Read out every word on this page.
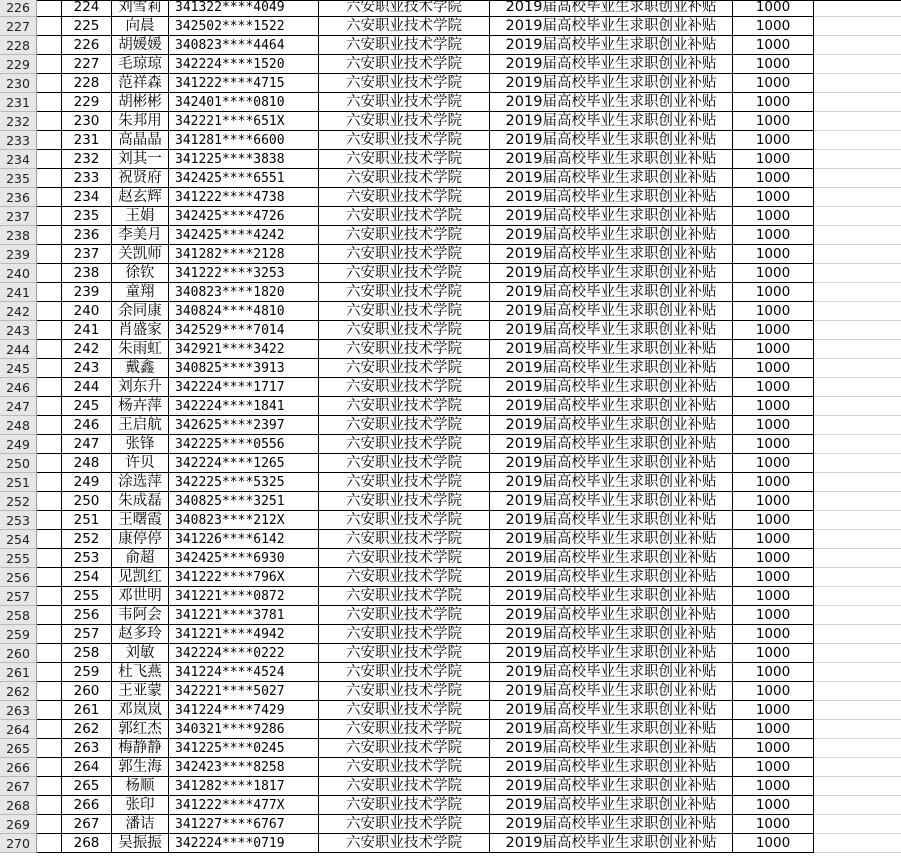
226	224	刘雪莉	341322****4049	六安职业技术学院	2019届高校毕业生求职创业补贴	1000
227	225	向晨	342502****1522	六安职业技术学院	2019届高校毕业生求职创业补贴	1000
228	226	胡媛媛	340823****4464	六安职业技术学院	2019届高校毕业生求职创业补贴	1000
229	227	毛琼琼	342224****1520	六安职业技术学院	2019届高校毕业生求职创业补贴	1000
230	228	范祥森	341222****4715	六安职业技术学院	2019届高校毕业生求职创业补贴	1000
231	229	胡彬彬	342401****0810	六安职业技术学院	2019届高校毕业生求职创业补贴	1000
232	230	朱邦用	342221****651X	六安职业技术学院	2019届高校毕业生求职创业补贴	1000
233	231	高晶晶	341281****6600	六安职业技术学院	2019届高校毕业生求职创业补贴	1000
234	232	刘其一	341225****3838	六安职业技术学院	2019届高校毕业生求职创业补贴	1000
235	233	祝贤府	342425****6551	六安职业技术学院	2019届高校毕业生求职创业补贴	1000
236	234	赵玄辉	341222****4738	六安职业技术学院	2019届高校毕业生求职创业补贴	1000
237	235	王娟	342425****4726	六安职业技术学院	2019届高校毕业生求职创业补贴	1000
238	236	李美月	342425****4242	六安职业技术学院	2019届高校毕业生求职创业补贴	1000
239	237	关凯师	341282****2128	六安职业技术学院	2019届高校毕业生求职创业补贴	1000
240	238	徐钦	341222****3253	六安职业技术学院	2019届高校毕业生求职创业补贴	1000
241	239	童翔	340823****1820	六安职业技术学院	2019届高校毕业生求职创业补贴	1000
242	240	余同康	340824****4810	六安职业技术学院	2019届高校毕业生求职创业补贴	1000
243	241	肖盛家	342529****7014	六安职业技术学院	2019届高校毕业生求职创业补贴	1000
244	242	朱雨虹	342921****3422	六安职业技术学院	2019届高校毕业生求职创业补贴	1000
245	243	戴鑫	340825****3913	六安职业技术学院	2019届高校毕业生求职创业补贴	1000
246	244	刘东升	342224****1717	六安职业技术学院	2019届高校毕业生求职创业补贴	1000
247	245	杨卉萍	342224****1841	六安职业技术学院	2019届高校毕业生求职创业补贴	1000
248	246	王启航	342625****2397	六安职业技术学院	2019届高校毕业生求职创业补贴	1000
249	247	张锋	342225****0556	六安职业技术学院	2019届高校毕业生求职创业补贴	1000
250	248	许贝	342224****1265	六安职业技术学院	2019届高校毕业生求职创业补贴	1000
251	249	涂选萍	342225****5325	六安职业技术学院	2019届高校毕业生求职创业补贴	1000
252	250	朱成磊	340825****3251	六安职业技术学院	2019届高校毕业生求职创业补贴	1000
253	251	王曙霞	340823****212X	六安职业技术学院	2019届高校毕业生求职创业补贴	1000
254	252	康停停	341226****6142	六安职业技术学院	2019届高校毕业生求职创业补贴	1000
255	253	俞超	342425****6930	六安职业技术学院	2019届高校毕业生求职创业补贴	1000
256	254	见凯红	341222****796X	六安职业技术学院	2019届高校毕业生求职创业补贴	1000
257	255	邓世明	341221****0872	六安职业技术学院	2019届高校毕业生求职创业补贴	1000
258	256	韦阿会	341221****3781	六安职业技术学院	2019届高校毕业生求职创业补贴	1000
259	257	赵多玲	341221****4942	六安职业技术学院	2019届高校毕业生求职创业补贴	1000
260	258	刘敏	342224****0222	六安职业技术学院	2019届高校毕业生求职创业补贴	1000
261	259	杜飞燕	341224****4524	六安职业技术学院	2019届高校毕业生求职创业补贴	1000
262	260	王亚蒙	342221****5027	六安职业技术学院	2019届高校毕业生求职创业补贴	1000
263	261	邓岚岚	341224****7429	六安职业技术学院	2019届高校毕业生求职创业补贴	1000
264	262	郭红杰	340321****9286	六安职业技术学院	2019届高校毕业生求职创业补贴	1000
265	263	梅静静	341225****0245	六安职业技术学院	2019届高校毕业生求职创业补贴	1000
266	264	郭生海	342423****8258	六安职业技术学院	2019届高校毕业生求职创业补贴	1000
267	265	杨顺	341282****1817	六安职业技术学院	2019届高校毕业生求职创业补贴	1000
268	266	张印	341222****477X	六安职业技术学院	2019届高校毕业生求职创业补贴	1000
269	267	潘诘	341227****6767	六安职业技术学院	2019届高校毕业生求职创业补贴	1000
270	268	吴振振	342224****0719	六安职业技术学院	2019届高校毕业生求职创业补贴	1000
